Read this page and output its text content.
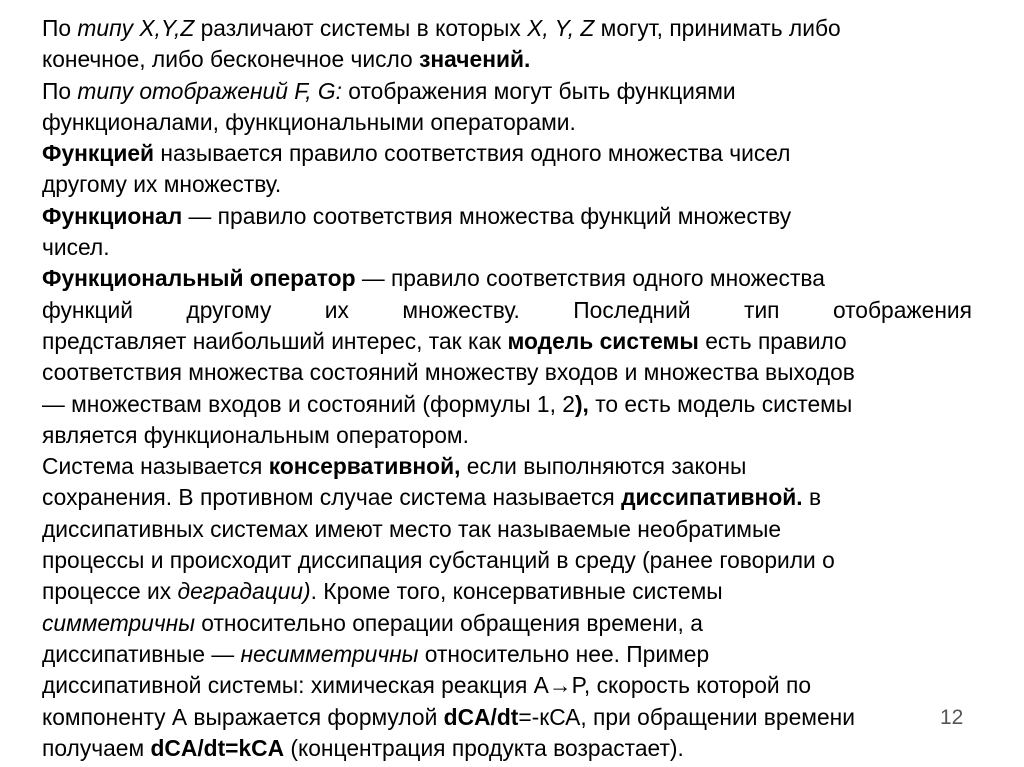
По типу X,Y,Z различают системы в которых X, Y, Z могут, принимать либо
конечное, либо бесконечное число значений.
По типу отображений F, G: отображения могут быть функциями
функционалами, функциональными операторами.
Функцией называется правило соответствия одного множества чисел
другому их множеству.
Функционал — правило соответствия множества функций множеству
чисел.
Функциональный оператор — правило соответствия одного множества
функций другому их множеству. Последний тип отображения
представляет наибольший интерес, так как модель системы есть правило
соответствия множества состояний множеству входов и множества выходов
— множествам входов и состояний (формулы 1, 2), то есть модель системы
является функциональным оператором.
Система называется консервативной, если выполняются законы
сохранения. В противном случае система называется диссипативной. в
диссипативных системах имеют место так называемые необратимые
процессы и происходит диссипация субстанций в среду (ранее говорили о
процессе их деградации). Кроме того, консервативные системы
симметричны относительно операции обращения времени, а
диссипативные — несимметричны относительно нее. Пример
диссипативной системы: химическая реакция A→P, скорость которой по
компоненту А выражается формулой dCA/dt=-кСА, при обращении времени
получаем dCA/dt=kCA (концентрация продукта возрастает).
12
